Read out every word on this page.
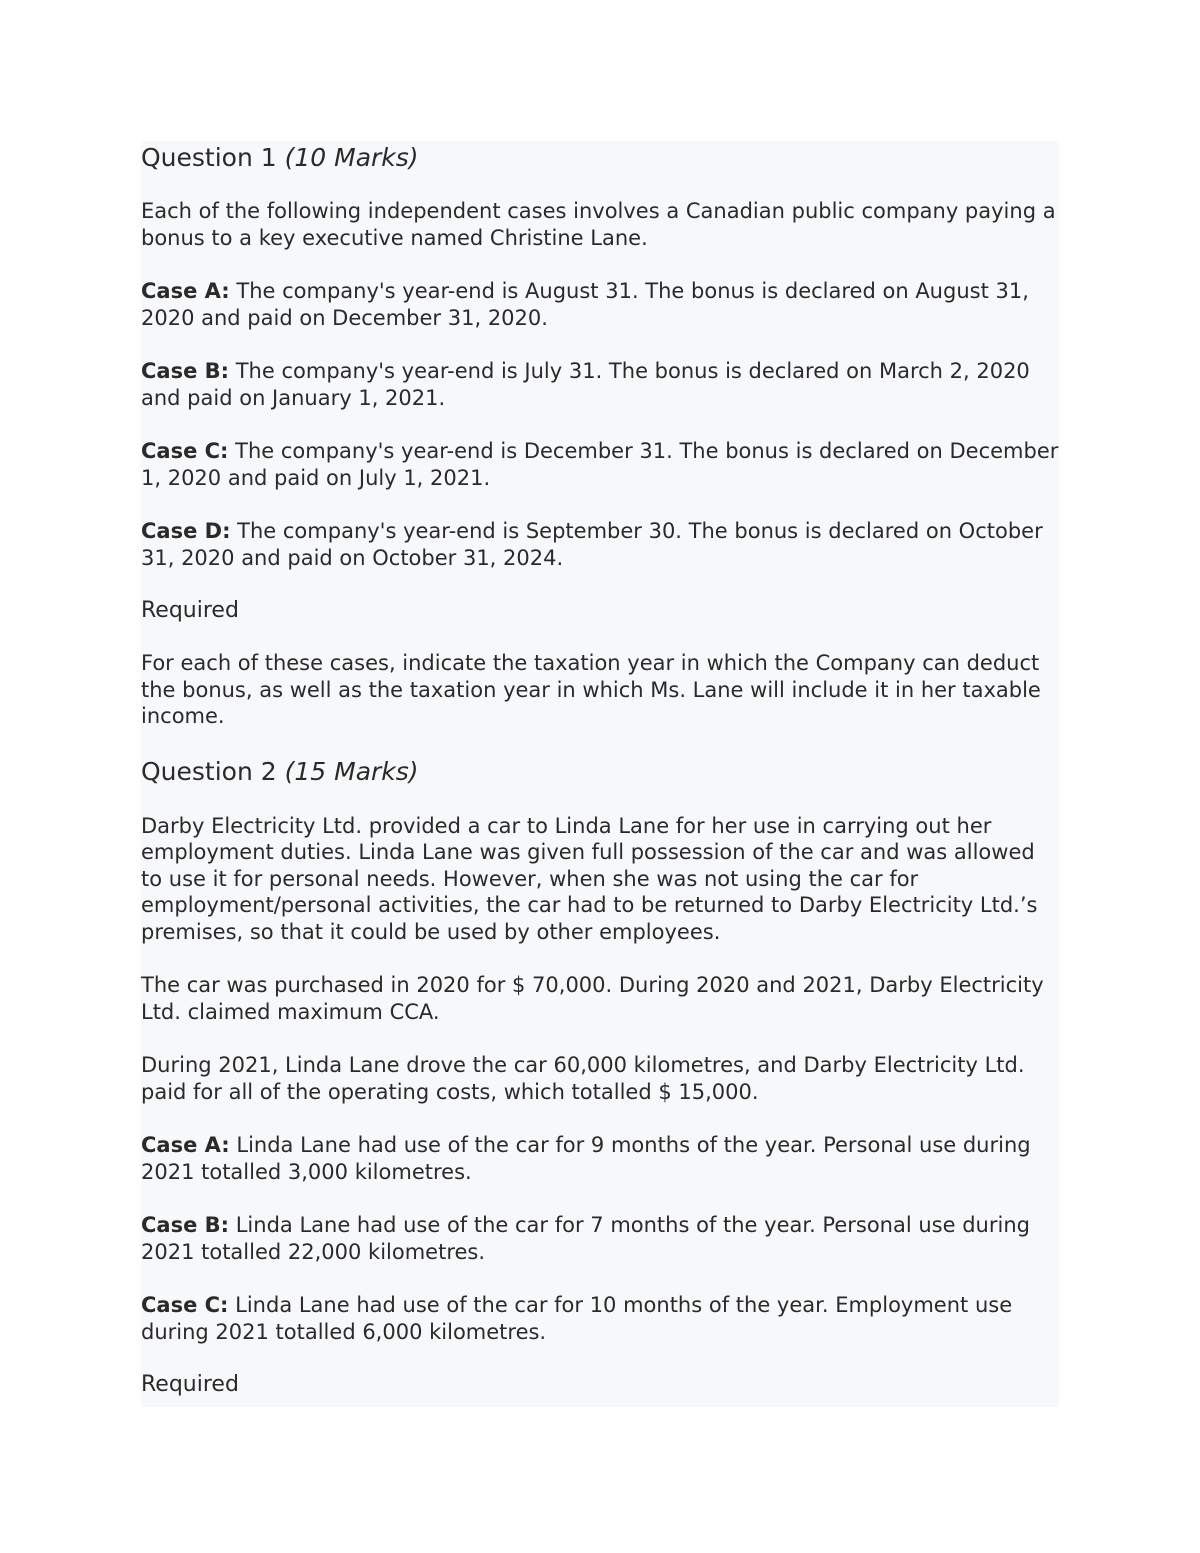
Question 1 (10 Marks)

Each of the following independent cases involves a Canadian public company paying a bonus to a key executive named Christine Lane.

Case A: The company's year-end is August 31. The bonus is declared on August 31, 2020 and paid on December 31, 2020.

Case B: The company's year-end is July 31. The bonus is declared on March 2, 2020 and paid on January 1, 2021.

Case C: The company's year-end is December 31. The bonus is declared on December 1, 2020 and paid on July 1, 2021.

Case D: The company's year-end is September 30. The bonus is declared on October 31, 2020 and paid on October 31, 2024.

Required

For each of these cases, indicate the taxation year in which the Company can deduct the bonus, as well as the taxation year in which Ms. Lane will include it in her taxable income.

Question 2 (15 Marks)

Darby Electricity Ltd. provided a car to Linda Lane for her use in carrying out her employment duties. Linda Lane was given full possession of the car and was allowed to use it for personal needs. However, when she was not using the car for employment/personal activities, the car had to be returned to Darby Electricity Ltd.’s premises, so that it could be used by other employees.

The car was purchased in 2020 for $ 70,000. During 2020 and 2021, Darby Electricity Ltd. claimed maximum CCA.

During 2021, Linda Lane drove the car 60,000 kilometres, and Darby Electricity Ltd. paid for all of the operating costs, which totalled $ 15,000.

Case A: Linda Lane had use of the car for 9 months of the year. Personal use during 2021 totalled 3,000 kilometres.

Case B: Linda Lane had use of the car for 7 months of the year. Personal use during 2021 totalled 22,000 kilometres.

Case C: Linda Lane had use of the car for 10 months of the year. Employment use during 2021 totalled 6,000 kilometres.

Required
